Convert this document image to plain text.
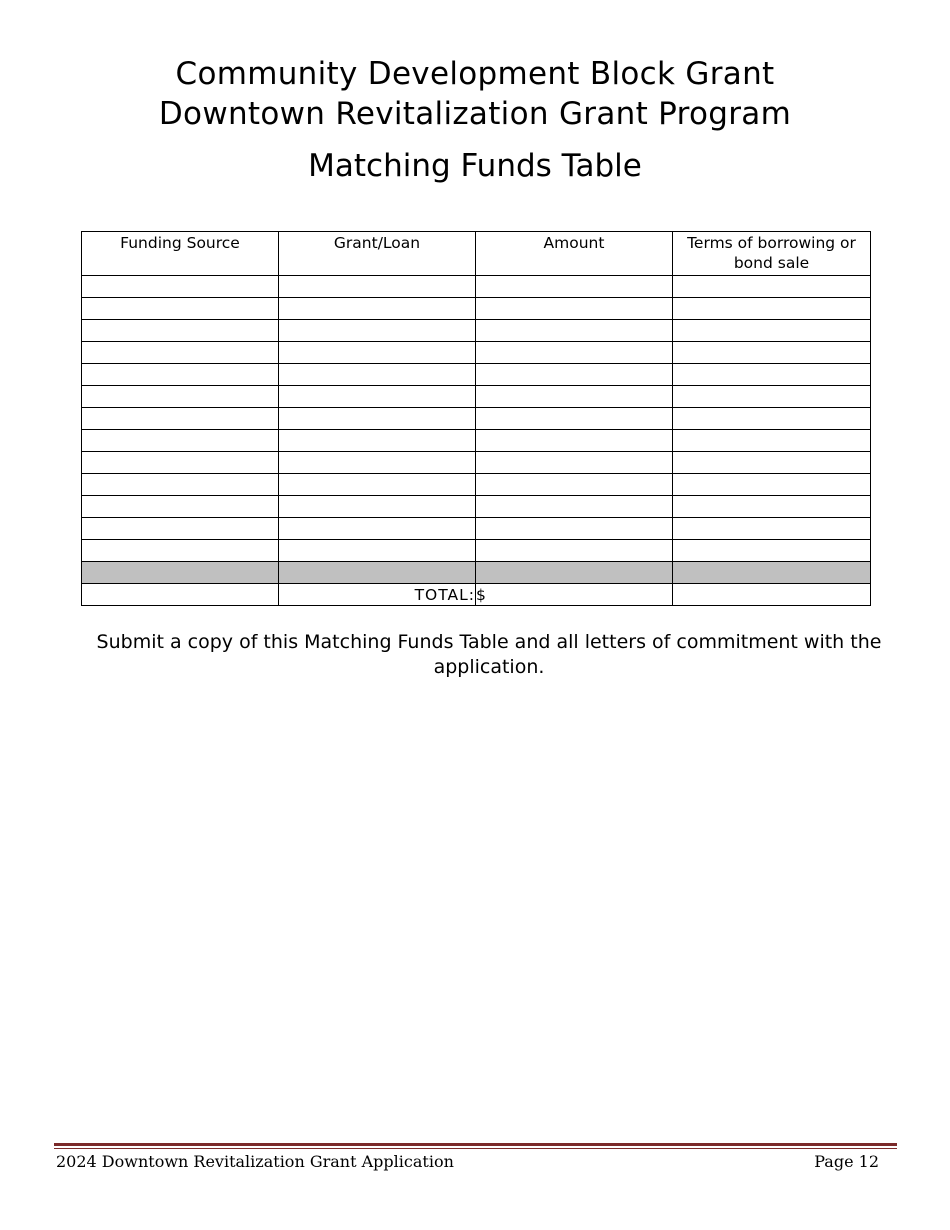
Community Development Block Grant
Downtown Revitalization Grant Program
Matching Funds Table
Funding Source	Grant/Loan	Amount	Terms of borrowing or bond sale

	TOTAL:	$	

Submit a copy of this Matching Funds Table and all letters of commitment with the application.

2024 Downtown Revitalization Grant Application	Page 12
